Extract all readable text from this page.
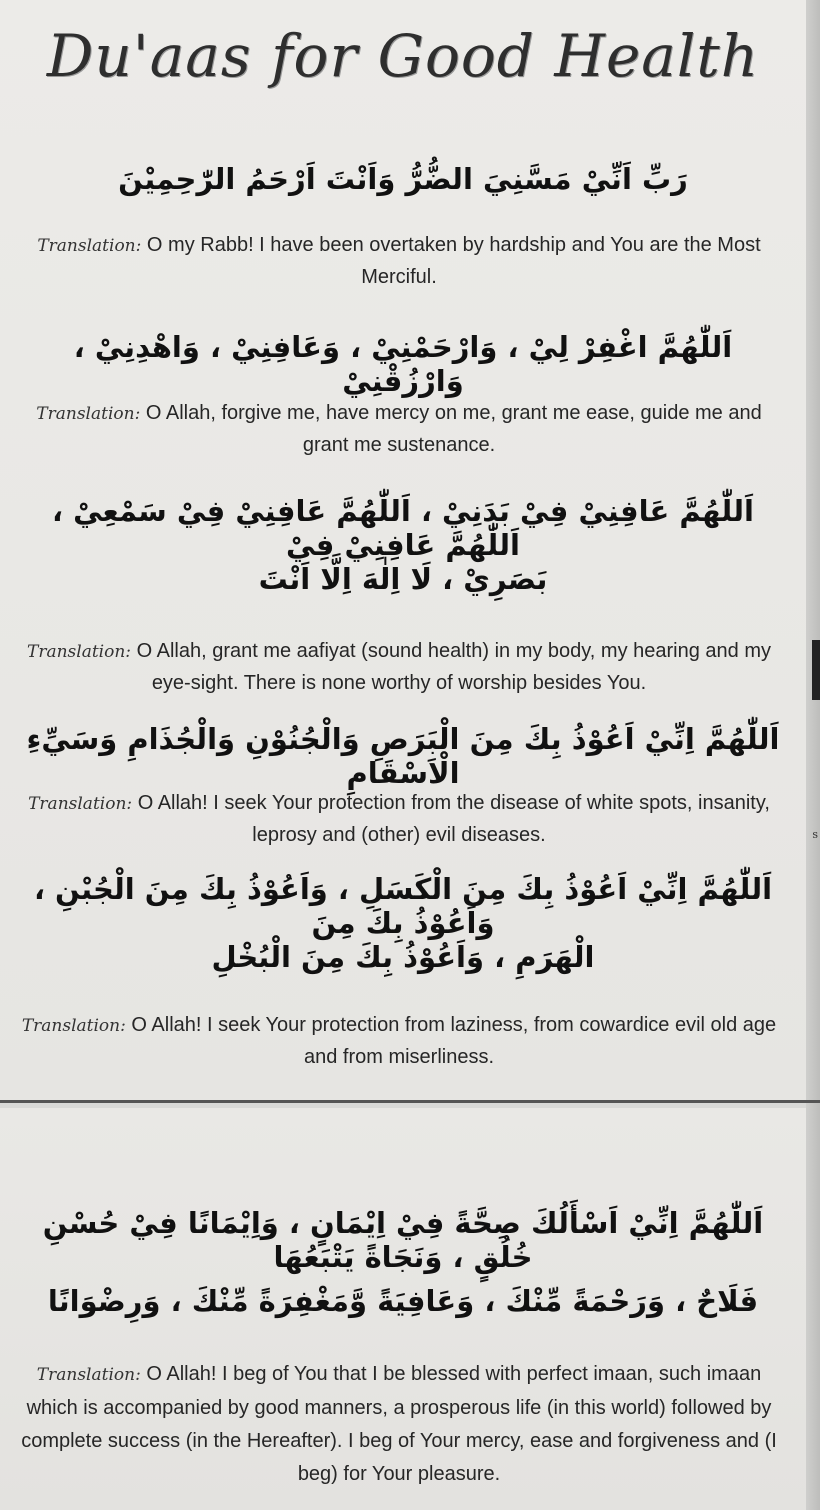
s
Du'aas for Good Health
رَبِّ اَنِّيْ مَسَّنِيَ الضُّرُّ وَاَنْتَ اَرْحَمُ الرّٰحِمِيْنَ
Translation: O my Rabb! I have been overtaken by hardship and You are the Most Merciful.
اَللّٰهُمَّ اغْفِرْ لِيْ ، وَارْحَمْنِيْ ، وَعَافِنِيْ ، وَاهْدِنِيْ ، وَارْزُقْنِيْ
Translation: O Allah, forgive me, have mercy on me, grant me ease, guide me and grant me sustenance.
اَللّٰهُمَّ عَافِنِيْ فِيْ بَدَنِيْ ، اَللّٰهُمَّ عَافِنِيْ فِيْ سَمْعِيْ ، اَللّٰهُمَّ عَافِنِيْ فِيْ
بَصَرِيْ ، لَا اِلٰهَ اِلَّا اَنْتَ
Translation: O Allah, grant me aafiyat (sound health) in my body, my hearing and my eye-sight. There is none worthy of worship besides You.
اَللّٰهُمَّ اِنِّيْ اَعُوْذُ بِكَ مِنَ الْبَرَصِ وَالْجُنُوْنِ وَالْجُذَامِ وَسَيِّءِ الْاَسْقَامِ
Translation: O Allah! I seek Your protection from the disease of white spots, insanity, leprosy and (other) evil diseases.
اَللّٰهُمَّ اِنِّيْ اَعُوْذُ بِكَ مِنَ الْكَسَلِ ، وَاَعُوْذُ بِكَ مِنَ الْجُبْنِ ، وَاَعُوْذُ بِكَ مِنَ
الْهَرَمِ ، وَاَعُوْذُ بِكَ مِنَ الْبُخْلِ
Translation: O Allah! I seek Your protection from laziness, from cowardice evil old age and from miserliness.
اَللّٰهُمَّ اِنِّيْ اَسْأَلُكَ صِحَّةً فِيْ اِيْمَانٍ ، وَاِيْمَانًا فِيْ حُسْنِ خُلُقٍ ، وَنَجَاةً يَتْبَعُهَا
فَلَاحٌ ، وَرَحْمَةً مِّنْكَ ، وَعَافِيَةً وَّمَغْفِرَةً مِّنْكَ ، وَرِضْوَانًا
Translation: O Allah! I beg of You that I be blessed with perfect imaan, such imaan which is accompanied by good manners, a prosperous life (in this world) followed by complete success (in the Hereafter). I beg of Your mercy, ease and forgiveness and (I beg) for Your pleasure.
